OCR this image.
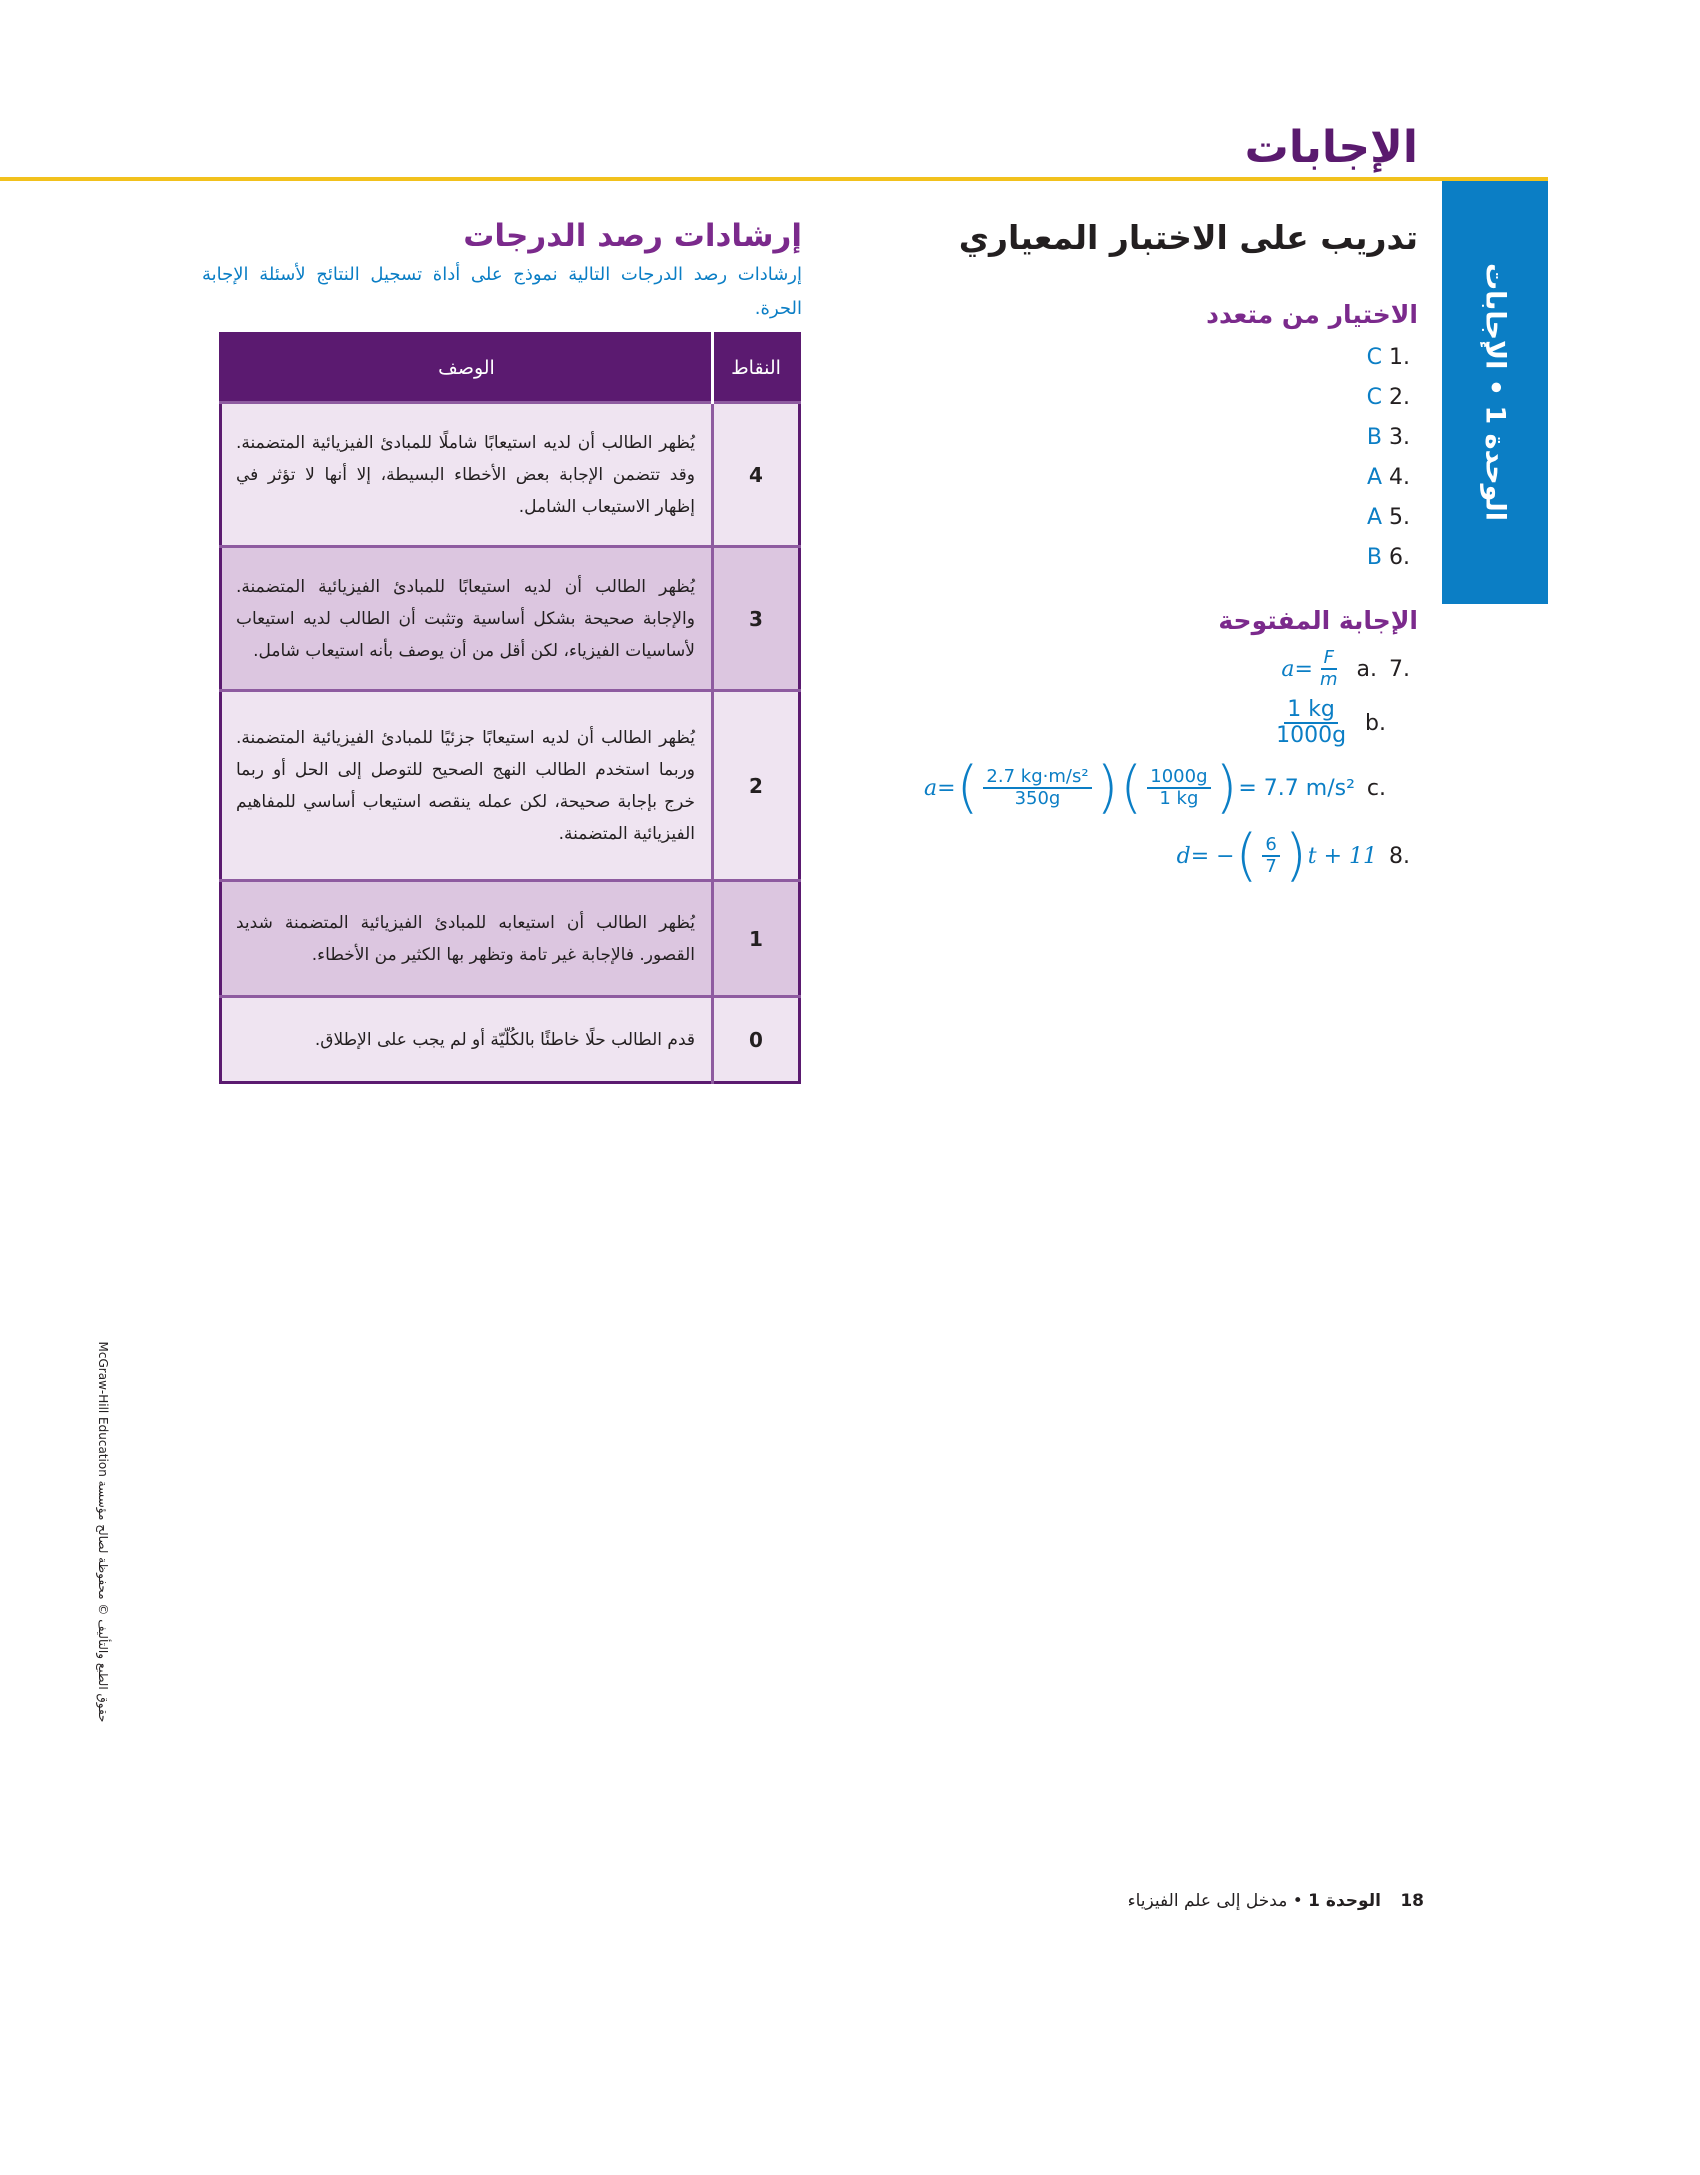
الإجابات
الوحدة 1 • الإجابات
تدريب على الاختبار المعياري
الاختيار من متعدد
.1 C
.2 C
.3 B
.4 A
.5 A
.6 B
الإجابة المفتوحة
.7
.a
$a = \frac{F}{m}$
.b
$\frac{1 kg}{1000g}$
.c
a = ( $\frac{\text{2.7 kg·m/s²}}{350g}$ ) ( $\frac{1000g}{1 kg}$ ) = 7.7 m/s²
.8
d = − ( $\frac{6}{7}$ ) t + 11
إرشادات رصد الدرجات
إرشادات رصد الدرجات التالية نموذج على أداة تسجيل النتائج لأسئلة الإجابة الحرة.
النقاط	الوصف
4	يُظهر الطالب أن لديه استيعابًا شاملًا للمبادئ الفيزيائية المتضمنة. وقد تتضمن الإجابة بعض الأخطاء البسيطة، إلا أنها لا تؤثر في إظهار الاستيعاب الشامل.
3	يُظهر الطالب أن لديه استيعابًا للمبادئ الفيزيائية المتضمنة. والإجابة صحيحة بشكل أساسية وتثبت أن الطالب لديه استيعاب لأساسيات الفيزياء، لكن أقل من أن يوصف بأنه استيعاب شامل.
2	يُظهر الطالب أن لديه استيعابًا جزئيًا للمبادئ الفيزيائية المتضمنة. وربما استخدم الطالب النهج الصحيح للتوصل إلى الحل أو ربما خرج بإجابة صحيحة، لكن عمله ينقصه استيعاب أساسي للمفاهيم الفيزيائية المتضمنة.
1	يُظهر الطالب أن استيعابه للمبادئ الفيزيائية المتضمنة شديد القصور. فالإجابة غير تامة وتظهر بها الكثير من الأخطاء.
0	قدم الطالب حلًا خاطئًا بالكُلّيّة أو لم يجب على الإطلاق.
حقوق الطبع والتأليف © محفوظة لصالح مؤسسة McGraw-Hill Education
18 الوحدة 1 • مدخل إلى علم الفيزياء
